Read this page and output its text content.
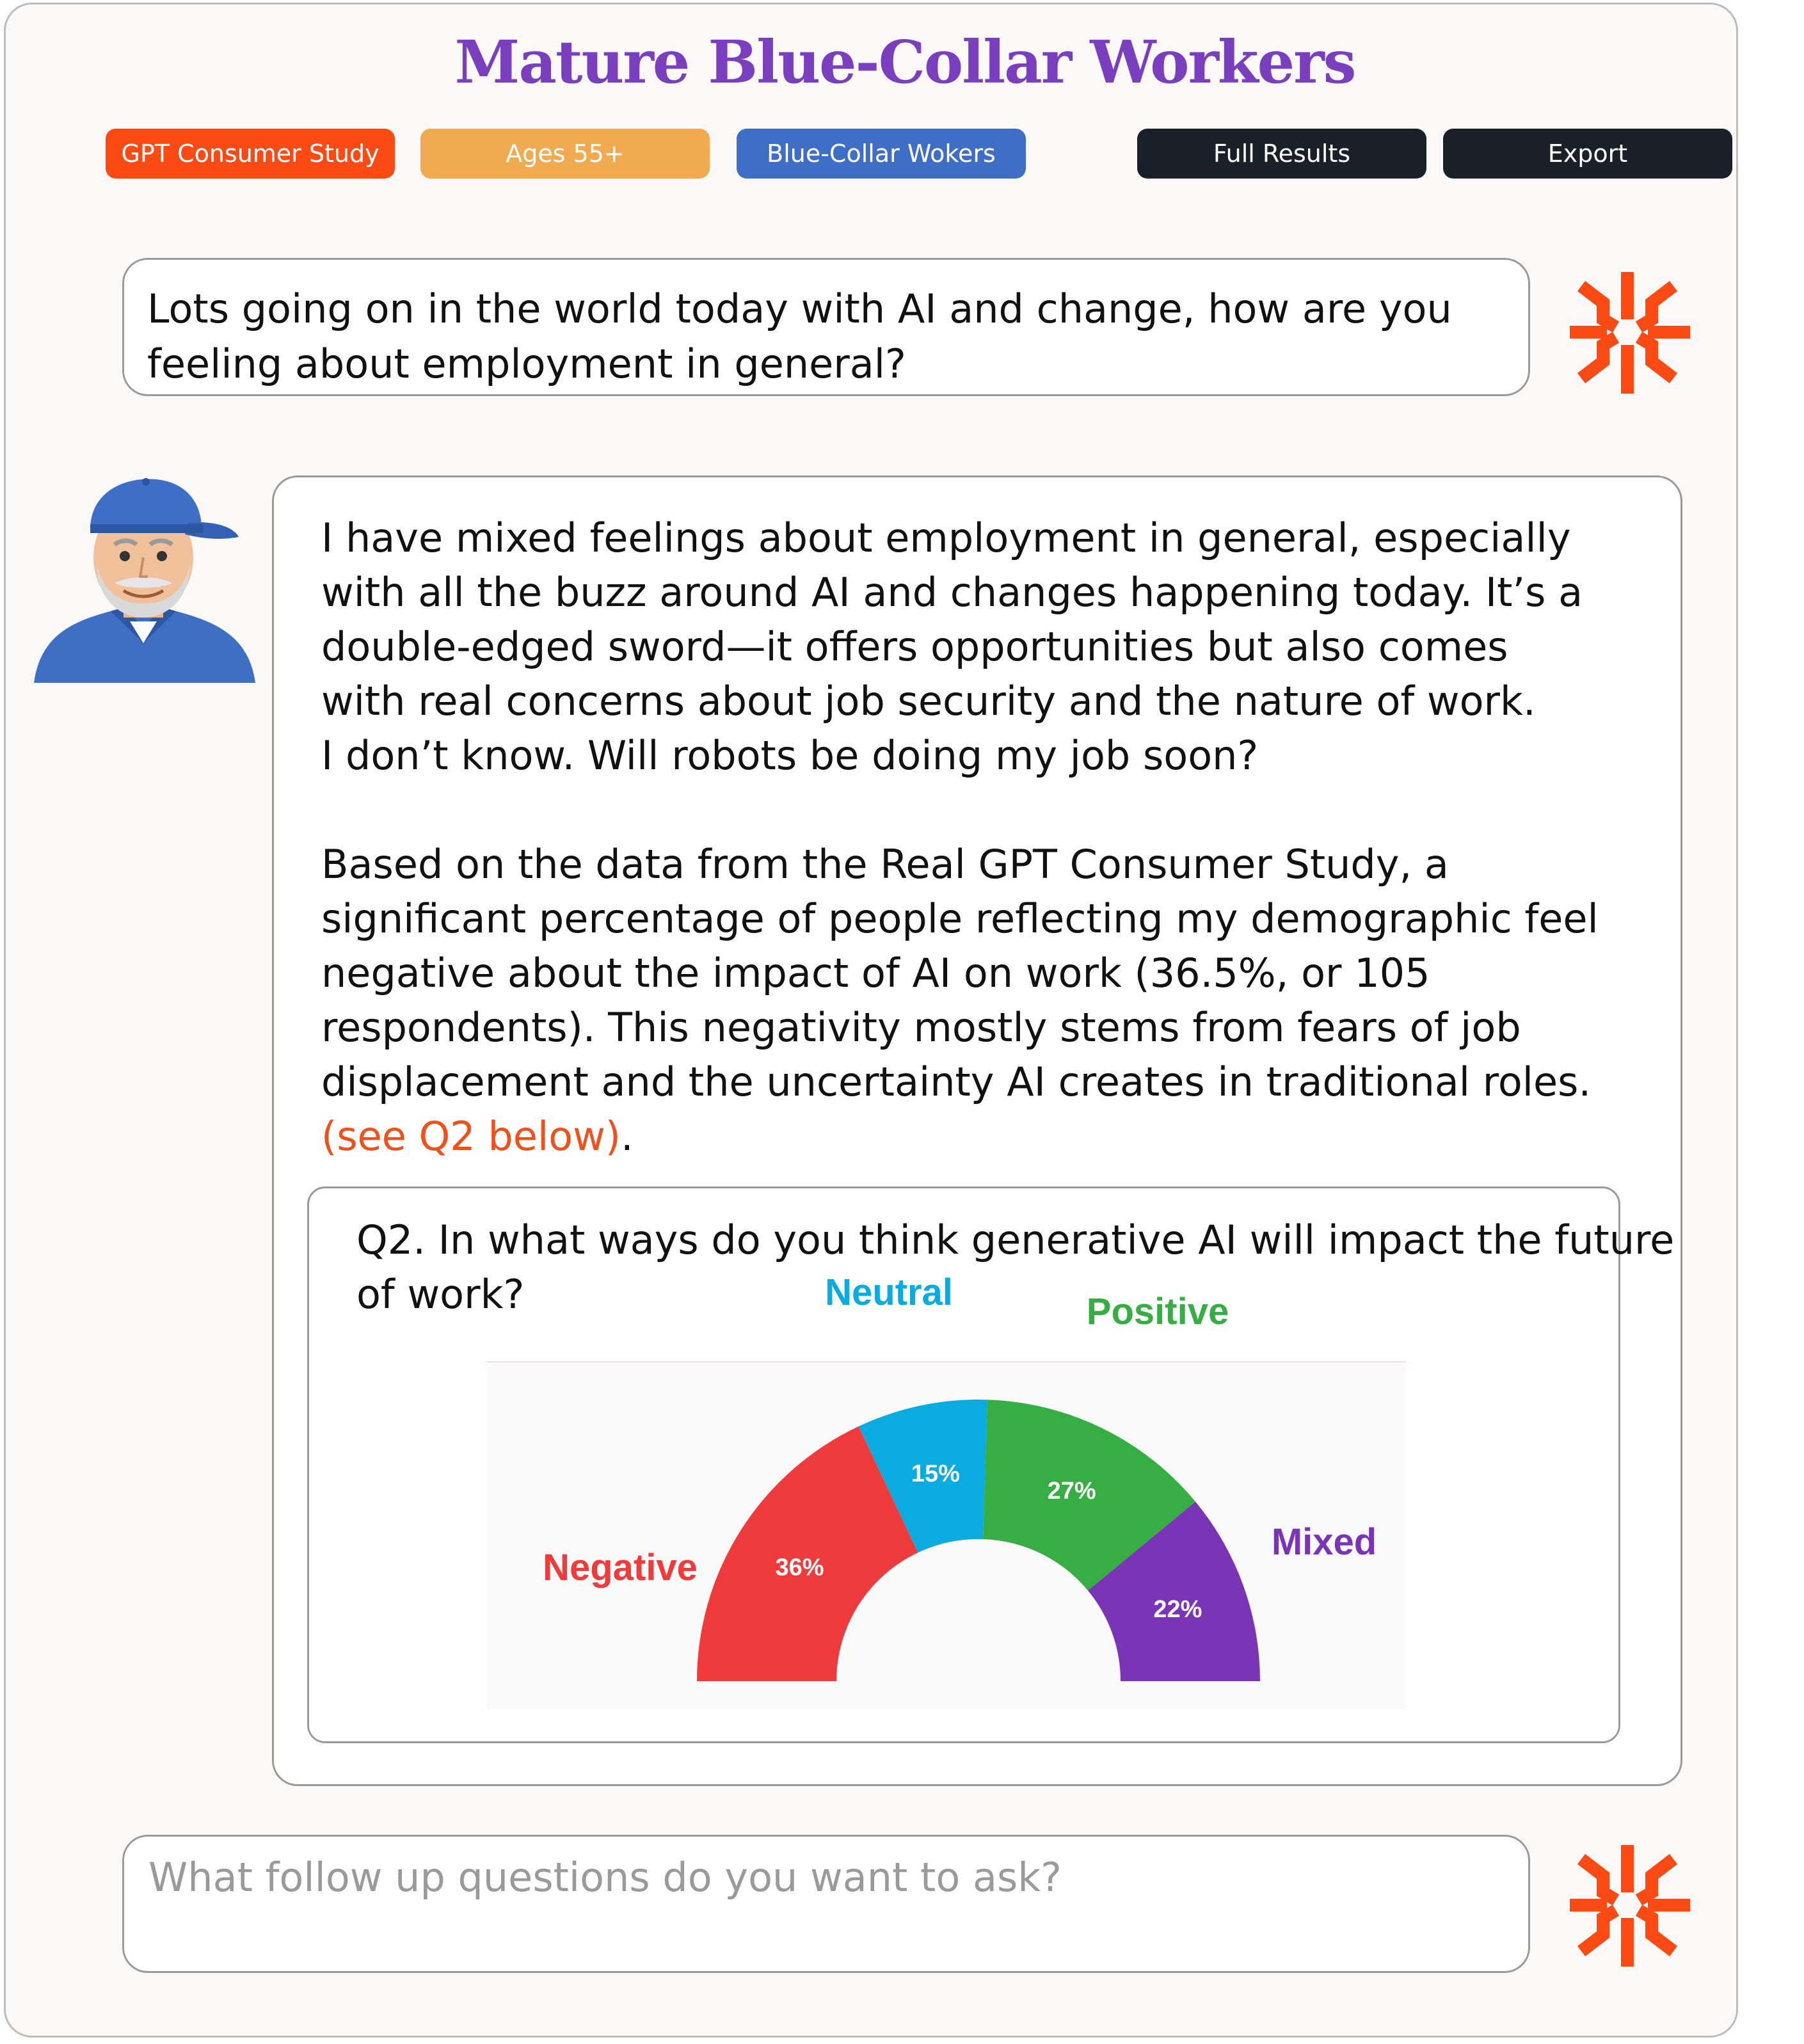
Mature Blue-Collar Workers
GPT Consumer Study	Ages 55+	Blue-Collar Wokers	Full Results	Export
Lots going on in the world today with AI and change, how are you feeling about employment in general?

I have mixed feelings about employment in general, especially
with all the buzz around AI and changes happening today. It’s a
double-edged sword—it offers opportunities but also comes
with real concerns about job security and the nature of work.
I don’t know. Will robots be doing my job soon?

Based on the data from the Real GPT Consumer Study, a
significant percentage of people reflecting my demographic feel
negative about the impact of AI on work (36.5%, or 105
respondents). This negativity mostly stems from fears of job
displacement and the uncertainty AI creates in traditional roles.
(see Q2 below).

Q2. In what ways do you think generative AI will impact the future of work?

36%
15%
27%
22%
Negative
Neutral	Positive
Mixed
What follow up questions do you want to ask?
